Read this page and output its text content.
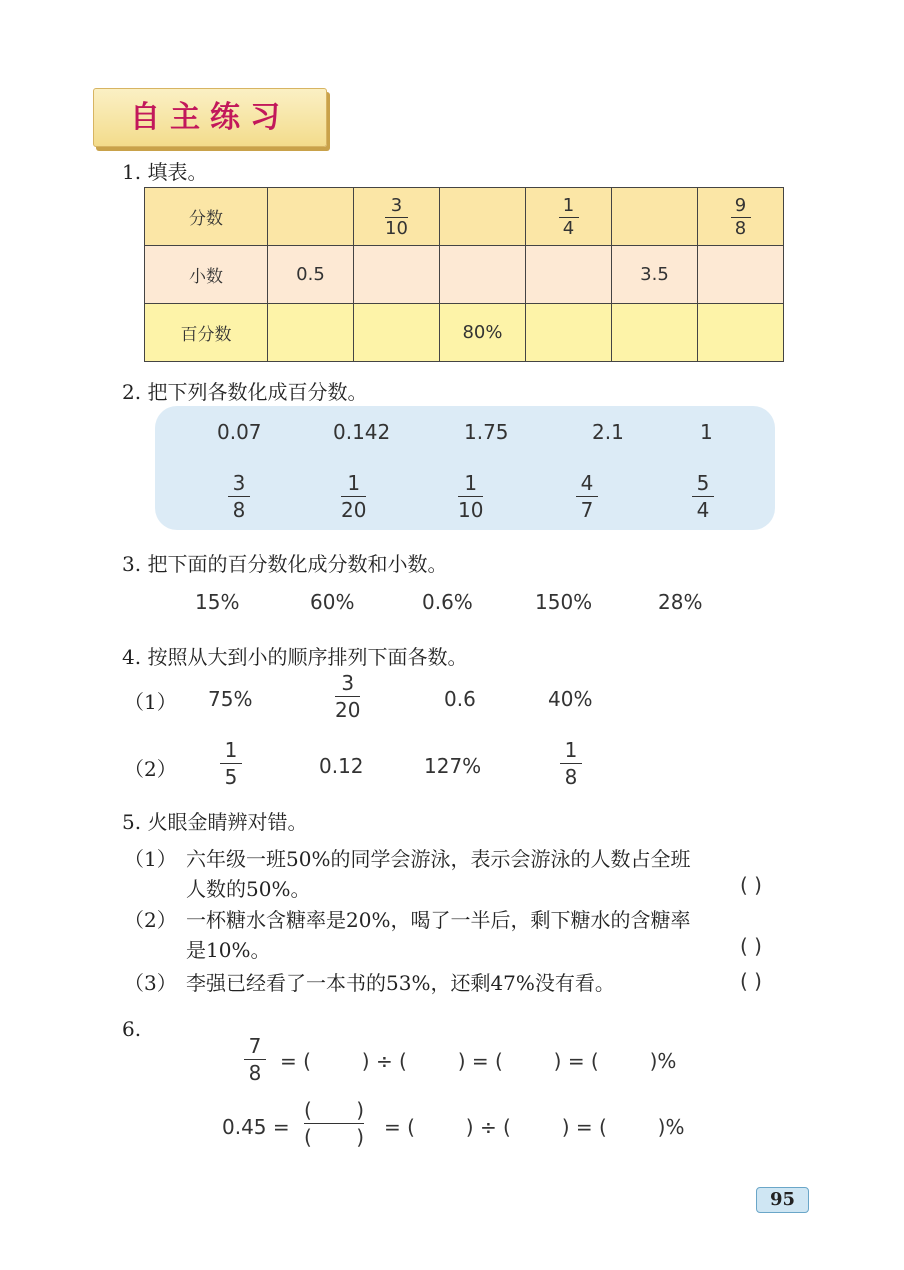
自主练习
1. 填表。
分数		$\frac{3}{10}$		$\frac{1}{4}$		$\frac{9}{8}$

小数	0.5				3.5	
百分数			80%			
2. 把下列各数化成百分数。
0.07	0.142	1.75	2.1	1
3
8
1
20
1
10
4
7
5
4
3. 把下面的百分数化成分数和小数。
15%	60%	0.6%	150%	28%
4. 按照从大到小的顺序排列下面各数。
（1） 75%
3
20	0.6	40%
（2）
1
5	0.12	127%
1
8
5. 火眼金睛辨对错。
（1） 六年级一班50%的同学会游泳，表示会游泳的人数占全班
人数的50%。	( )
（2） 一杯糖水含糖率是20%，喝了一半后，剩下糖水的含糖率
是10%。	( )
（3） 李强已经看了一本书的53%，还剩47%没有看。	( )
6.
7
8 = (        ) ÷ (        ) = (        ) = (        )%
0.45 =
(       )
(       ) = (        ) ÷ (        ) = (        )%
95
